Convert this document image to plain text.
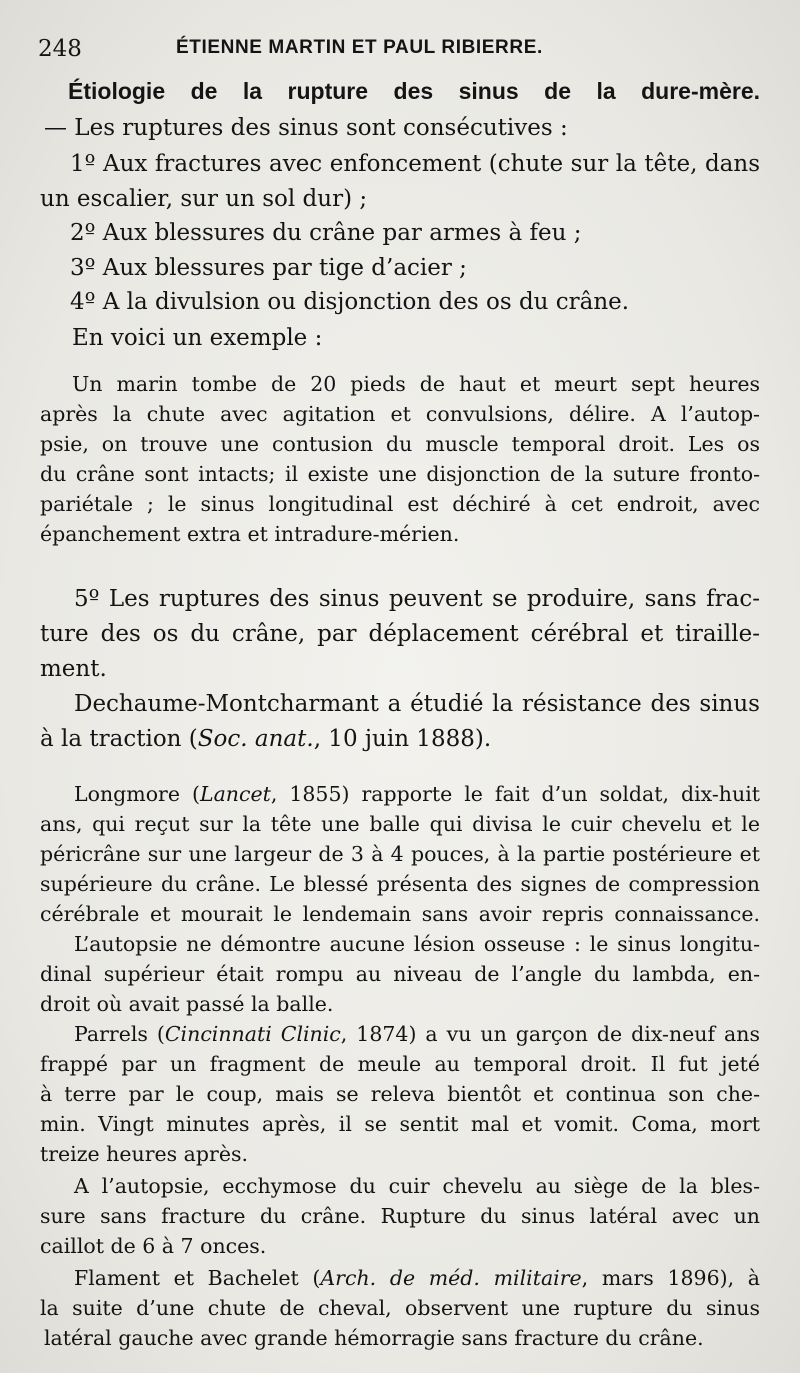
248	ÉTIENNE MARTIN ET PAUL RIBIERRE.
Étiologie de la rupture des sinus de la dure-mère.
— Les ruptures des sinus sont consécutives :
1º Aux fractures avec enfoncement (chute sur la tête, dans
un escalier, sur un sol dur) ;
2º Aux blessures du crâne par armes à feu ;
3º Aux blessures par tige d’acier ;
4º A la divulsion ou disjonction des os du crâne.
En voici un exemple :
Un marin tombe de 20 pieds de haut et meurt sept heures
après la chute avec agitation et convulsions, délire. A l’autop-
psie, on trouve une contusion du muscle temporal droit. Les os
du crâne sont intacts; il existe une disjonction de la suture fronto-
pariétale ; le sinus longitudinal est déchiré à cet endroit, avec
épanchement extra et intradure-mérien.
5º Les ruptures des sinus peuvent se produire, sans frac-
ture des os du crâne, par déplacement cérébral et tiraille-
ment.
Dechaume-Montcharmant a étudié la résistance des sinus
à la traction (Soc. anat., 10 juin 1888).
Longmore (Lancet, 1855) rapporte le fait d’un soldat, dix-huit
ans, qui reçut sur la tête une balle qui divisa le cuir chevelu et le
péricrâne sur une largeur de 3 à 4 pouces, à la partie postérieure et
supérieure du crâne. Le blessé présenta des signes de compression
cérébrale et mourait le lendemain sans avoir repris connaissance.
L’autopsie ne démontre aucune lésion osseuse : le sinus longitu-
dinal supérieur était rompu au niveau de l’angle du lambda, en-
droit où avait passé la balle.
Parrels (Cincinnati Clinic, 1874) a vu un garçon de dix-neuf ans
frappé par un fragment de meule au temporal droit. Il fut jeté
à terre par le coup, mais se releva bientôt et continua son che-
min. Vingt minutes après, il se sentit mal et vomit. Coma, mort
treize heures après.
A l’autopsie, ecchymose du cuir chevelu au siège de la bles-
sure sans fracture du crâne. Rupture du sinus latéral avec un
caillot de 6 à 7 onces.
Flament et Bachelet (Arch. de méd. militaire, mars 1896), à
la suite d’une chute de cheval, observent une rupture du sinus
latéral gauche avec grande hémorragie sans fracture du crâne.
